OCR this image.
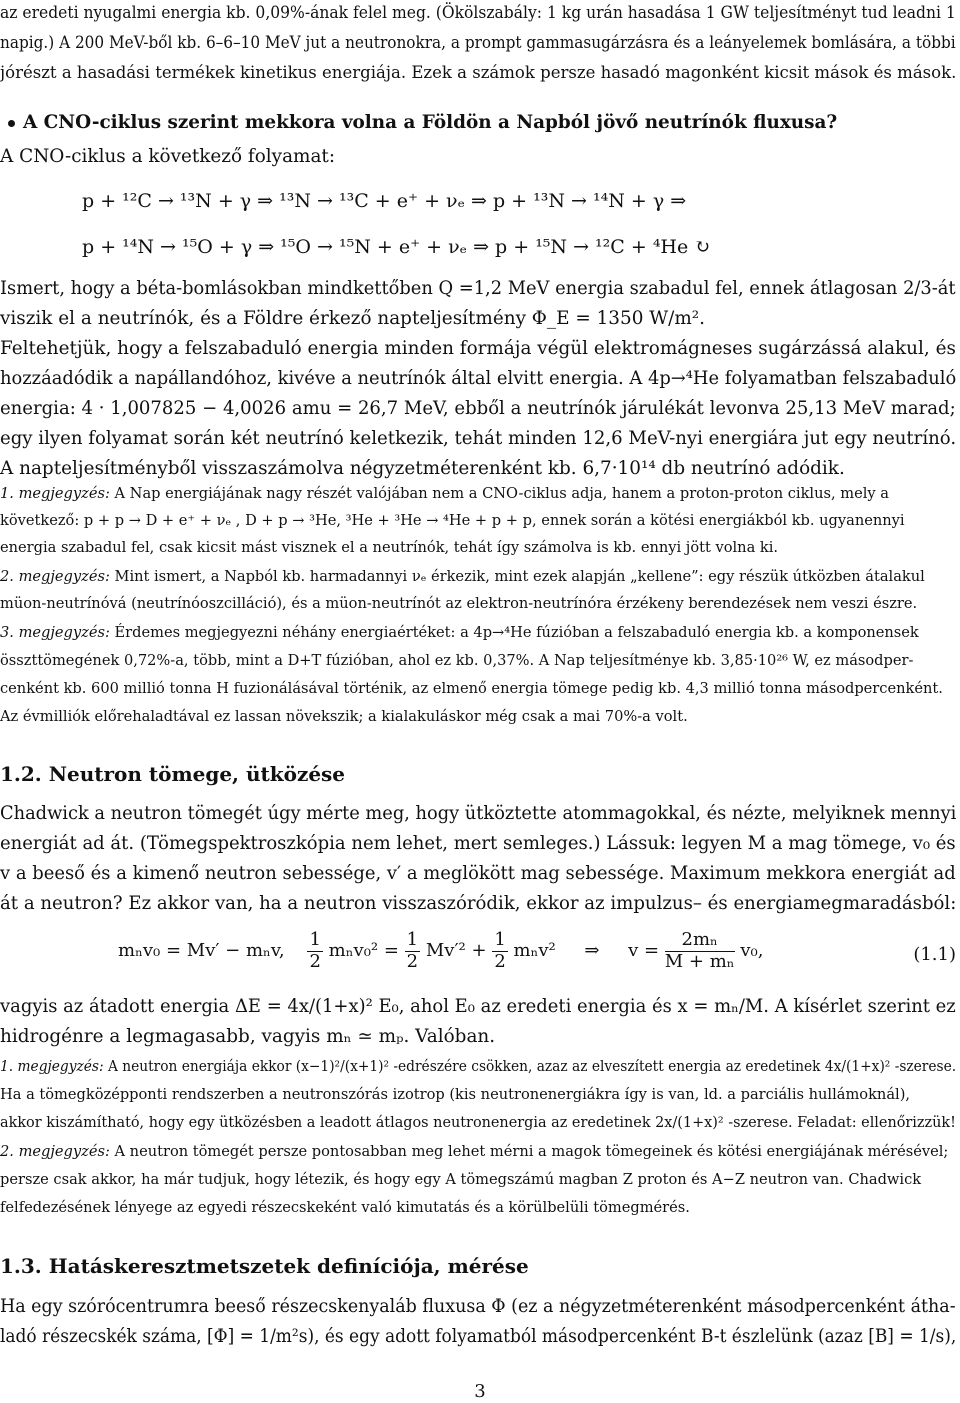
az eredeti nyugalmi energia kb. 0,09%-ának felel meg. (Ökölszabály: 1 kg urán hasadása 1 GW teljesítményt tud leadni 1
napig.) A 200 MeV-ből kb. 6–6–10 MeV jut a neutronokra, a prompt gammasugárzásra és a leányelemek bomlására, a többi
jórészt a hasadási termékek kinetikus energiája. Ezek a számok persze hasadó magonként kicsit mások és mások.
A CNO-ciklus szerint mekkora volna a Földön a Napból jövő neutrínók fluxusa?
A CNO-ciklus a következő folyamat:
p + ¹²C → ¹³N + γ ⇒ ¹³N → ¹³C + e⁺ + νₑ ⇒ p + ¹³N → ¹⁴N + γ ⇒
p + ¹⁴N → ¹⁵O + γ ⇒ ¹⁵O → ¹⁵N + e⁺ + νₑ ⇒ p + ¹⁵N → ¹²C + ⁴He ↻
Ismert, hogy a béta-bomlásokban mindkettőben Q =1,2 MeV energia szabadul fel, ennek átlagosan 2/3-át
viszik el a neutrínók, és a Földre érkező napteljesítmény Φ_E = 1350 W/m².
Feltehetjük, hogy a felszabaduló energia minden formája végül elektromágneses sugárzássá alakul, és
hozzáadódik a napállandóhoz, kivéve a neutrínók által elvitt energia. A 4p→⁴He folyamatban felszabaduló
energia: 4 · 1,007825 − 4,0026 amu = 26,7 MeV, ebből a neutrínók járulékát levonva 25,13 MeV marad;
egy ilyen folyamat során két neutrínó keletkezik, tehát minden 12,6 MeV-nyi energiára jut egy neutrínó.
A napteljesítményből visszaszámolva négyzetméterenként kb. 6,7·10¹⁴ db neutrínó adódik.
1. megjegyzés: A Nap energiájának nagy részét valójában nem a CNO-ciklus adja, hanem a proton-proton ciklus, mely a
következő: p + p → D + e⁺ + νₑ , D + p → ³He, ³He + ³He → ⁴He + p + p, ennek során a kötési energiákból kb. ugyanennyi
energia szabadul fel, csak kicsit mást visznek el a neutrínók, tehát így számolva is kb. ennyi jött volna ki.
2. megjegyzés: Mint ismert, a Napból kb. harmadannyi νₑ érkezik, mint ezek alapján „kellene”: egy részük útközben átalakul
müon-neutrínóvá (neutrínóoszcilláció), és a müon-neutrínót az elektron-neutrínóra érzékeny berendezések nem veszi észre.
3. megjegyzés: Érdemes megjegyezni néhány energiaértéket: a 4p→⁴He fúzióban a felszabaduló energia kb. a komponensek
összttömegének 0,72%-a, több, mint a D+T fúzióban, ahol ez kb. 0,37%. A Nap teljesítménye kb. 3,85·10²⁶ W, ez másodper-
cenként kb. 600 millió tonna H fuzionálásával történik, az elmenő energia tömege pedig kb. 4,3 millió tonna másodpercenként.
Az évmilliók előrehaladtával ez lassan növekszik; a kialakuláskor még csak a mai 70%-a volt.
1.2. Neutron tömege, ütközése
Chadwick a neutron tömegét úgy mérte meg, hogy ütköztette atommagokkal, és nézte, melyiknek mennyi
energiát ad át. (Tömegspektroszkópia nem lehet, mert semleges.) Lássuk: legyen M a mag tömege, v₀ és
v a beeső és a kimenő neutron sebessége, v′ a meglökött mag sebessége. Maximum mekkora energiát ad
át a neutron? Ez akkor van, ha a neutron visszaszóródik, ekkor az impulzus– és energiamegmaradásból:
mₙv₀ = Mv′ − mₙv, $\frac{1}{2} m_nv_0^2 = \frac{1}{2} Mv'^2 + \frac{1}{2} m_nv^2$ ⇒ $v = \frac{\text{2mₙ}}{\text{M + mₙ}} v_0$,	(1.1)
vagyis az átadott energia ΔE = 4x/(1+x)² E₀, ahol E₀ az eredeti energia és x = mₙ/M. A kísérlet szerint ez
hidrogénre a legmagasabb, vagyis mₙ ≃ mₚ. Valóban.
1. megjegyzés: A neutron energiája ekkor (x−1)²/(x+1)² -edrészére csökken, azaz az elveszített energia az eredetinek 4x/(1+x)² -szerese.
Ha a tömegközépponti rendszerben a neutronszórás izotrop (kis neutronenergiákra így is van, ld. a parciális hullámoknál),
akkor kiszámítható, hogy egy ütközésben a leadott átlagos neutronenergia az eredetinek 2x/(1+x)² -szerese. Feladat: ellenőrizzük!
2. megjegyzés: A neutron tömegét persze pontosabban meg lehet mérni a magok tömegeinek és kötési energiájának mérésével;
persze csak akkor, ha már tudjuk, hogy létezik, és hogy egy A tömegszámú magban Z proton és A−Z neutron van. Chadwick
felfedezésének lényege az egyedi részecskeként való kimutatás és a körülbelüli tömegmérés.
1.3. Hatáskeresztmetszetek definíciója, mérése
Ha egy szórócentrumra beeső részecskenyaláb fluxusa Φ (ez a négyzetméterenként másodpercenként átha-
ladó részecskék száma, [Φ] = 1/m²s), és egy adott folyamatból másodpercenként B-t észlelünk (azaz [B] = 1/s),
3
